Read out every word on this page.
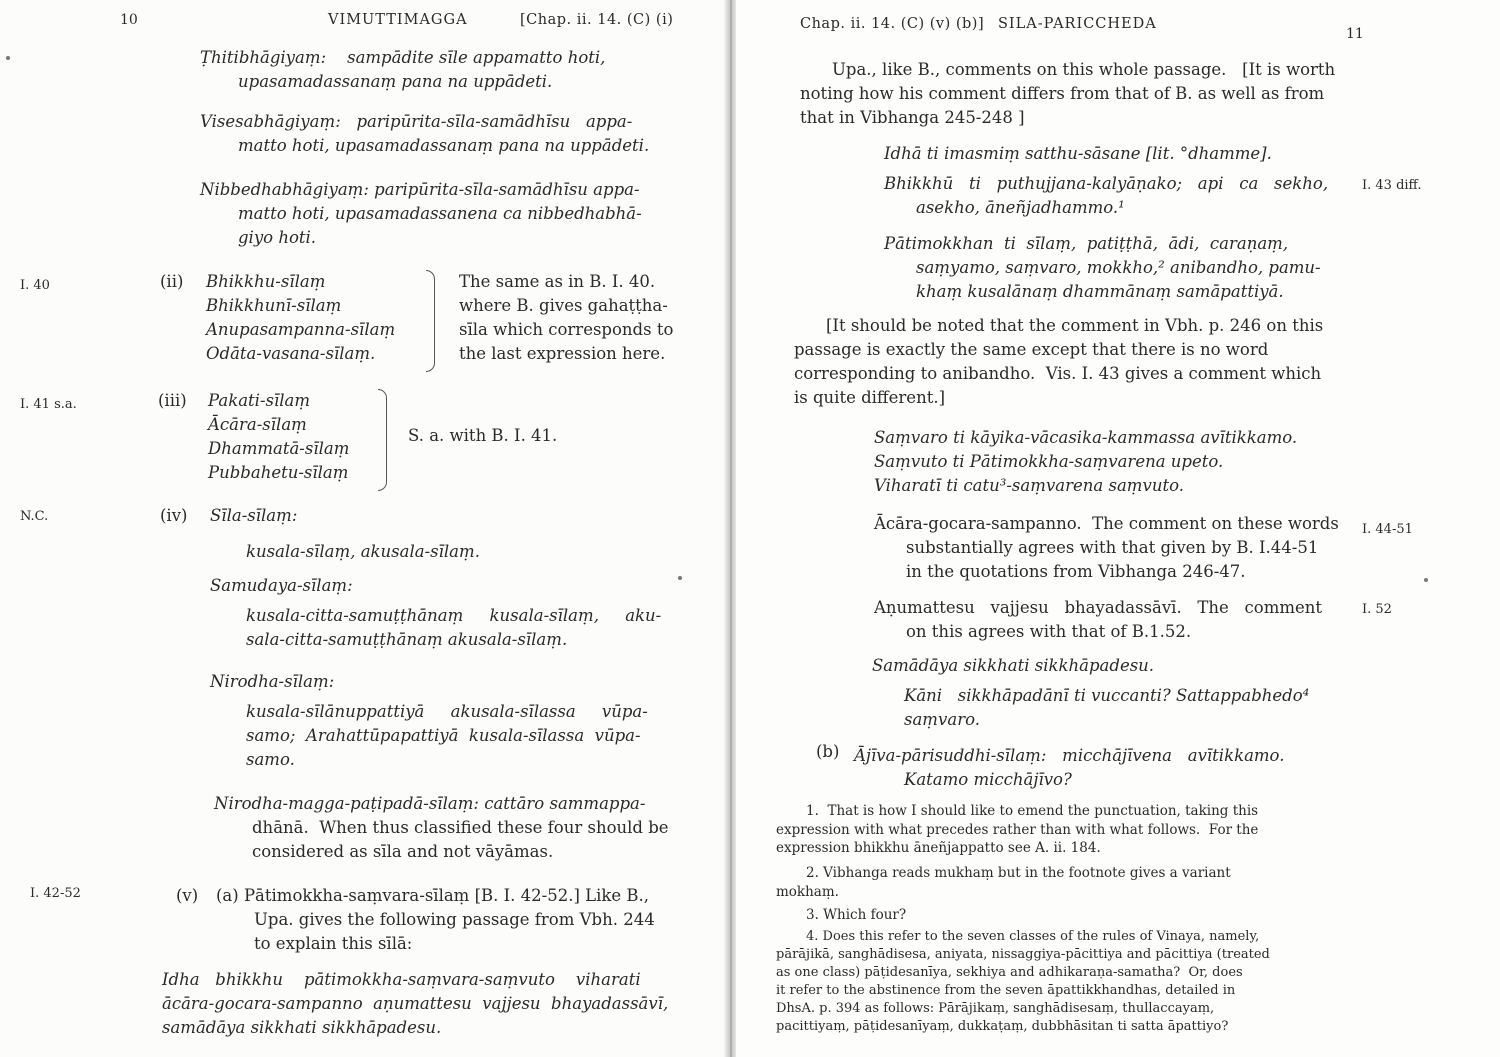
10	VIMUTTIMAGGA	[Chap. ii. 14. (C) (i)
Ṭhitibhāgiyaṃ:    sampādite sīle appamatto hoti,
upasamadassanaṃ pana na uppādeti.
Visesabhāgiyaṃ:   paripūrita-sīla-samādhīsu   appa-
matto hoti, upasamadassanaṃ pana na uppādeti.
Nibbedhabhāgiyaṃ: paripūrita-sīla-samādhīsu appa-
matto hoti, upasamadassanena ca nibbedhabhā-
giyo hoti.
I. 40	(ii) Bhikkhu-sīlaṃ
Bhikkhunī-sīlaṃ
Anupasampanna-sīlaṃ
Odāta-vasana-sīlaṃ.
The same as in B. I. 40.
where B. gives gahaṭṭha-
sīla which corresponds to
the last expression here.
I. 41 s.a.	(iii) Pakati-sīlaṃ
Ācāra-sīlaṃ
Dhammatā-sīlaṃ
Pubbahetu-sīlaṃ
S. a. with B. I. 41.
N.C.	(iv) Sīla-sīlaṃ:
kusala-sīlaṃ, akusala-sīlaṃ.
Samudaya-sīlaṃ:
kusala-citta-samuṭṭhānaṃ     kusala-sīlaṃ,     aku-
sala-citta-samuṭṭhānaṃ akusala-sīlaṃ.
Nirodha-sīlaṃ:
kusala-sīlānuppattiyā     akusala-sīlassa     vūpa-
samo;  Arahattūpapattiyā  kusala-sīlassa  vūpa-
samo.
Nirodha-magga-paṭipadā-sīlaṃ: cattāro sammappa-
dhānā.  When thus classified these four should be
considered as sīla and not vāyāmas.
I. 42-52	(v) (a) Pātimokkha-saṃvara-sīlaṃ [B. I. 42-52.] Like B.,
Upa. gives the following passage from Vbh. 244
to explain this sīlā:
Idha   bhikkhu    pātimokkha-saṃvara-saṃvuto    viharati
ācāra-gocara-sampanno  aṇumattesu  vajjesu  bhayadassāvī,
samādāya sikkhati sikkhāpadesu.
Chap. ii. 14. (C) (v) (b)] SILA-PARICCHEDA
11
Upa., like B., comments on this whole passage.   [It is worth
noting how his comment differs from that of B. as well as from
that in Vibhanga 245-248 ]
Idhā ti imasmiṃ satthu-sāsane [lit. °dhamme].
Bhikkhū   ti   puthujjana-kalyāṇako;   api   ca   sekho,
asekho, āneñjadhammo.¹
I. 43 diff.
Pātimokkhan  ti  sīlaṃ,  patiṭṭhā,  ādi,  caraṇaṃ,
saṃyamo, saṃvaro, mokkho,² anibandho, pamu-
khaṃ kusalānaṃ dhammānaṃ samāpattiyā.
[It should be noted that the comment in Vbh. p. 246 on this
passage is exactly the same except that there is no word
corresponding to anibandho.  Vis. I. 43 gives a comment which
is quite different.]
Saṃvaro ti kāyika-vācasika-kammassa avītikkamo.
Saṃvuto ti Pātimokkha-saṃvarena upeto.
Viharatī ti catu³-saṃvarena saṃvuto.
Ācāra-gocara-sampanno.  The comment on these words
substantially agrees with that given by B. I.44-51
in the quotations from Vibhanga 246-47.
I. 44-51
Aṇumattesu   vajjesu   bhayadassāvī.   The   comment
on this agrees with that of B.1.52.
I. 52
Samādāya sikkhati sikkhāpadesu.
Kāni   sikkhāpadānī ti vuccanti? Sattappabhedo⁴
saṃvaro.
(b) Ājīva-pārisuddhi-sīlaṃ:   micchājīvena   avītikkamo.
Katamo micchājīvo?
1.  That is how I should like to emend the punctuation, taking this
expression with what precedes rather than with what follows.  For the
expression bhikkhu āneñjappatto see A. ii. 184.
2. Vibhanga reads mukhaṃ but in the footnote gives a variant
mokhaṃ.
3. Which four?
4. Does this refer to the seven classes of the rules of Vinaya, namely,
pārājikā, sanghādisesa, aniyata, nissaggiya-pācittiya and pācittiya (treated
as one class) pāṭidesanīya, sekhiya and adhikaraṇa-samatha?  Or, does
it refer to the abstinence from the seven āpattikkhandhas, detailed in
DhsA. p. 394 as follows: Pārājikaṃ, sanghādisesaṃ, thullaccayaṃ,
pacittiyaṃ, pāṭidesanīyaṃ, dukkaṭaṃ, dubbhāsitan ti satta āpattiyo?
